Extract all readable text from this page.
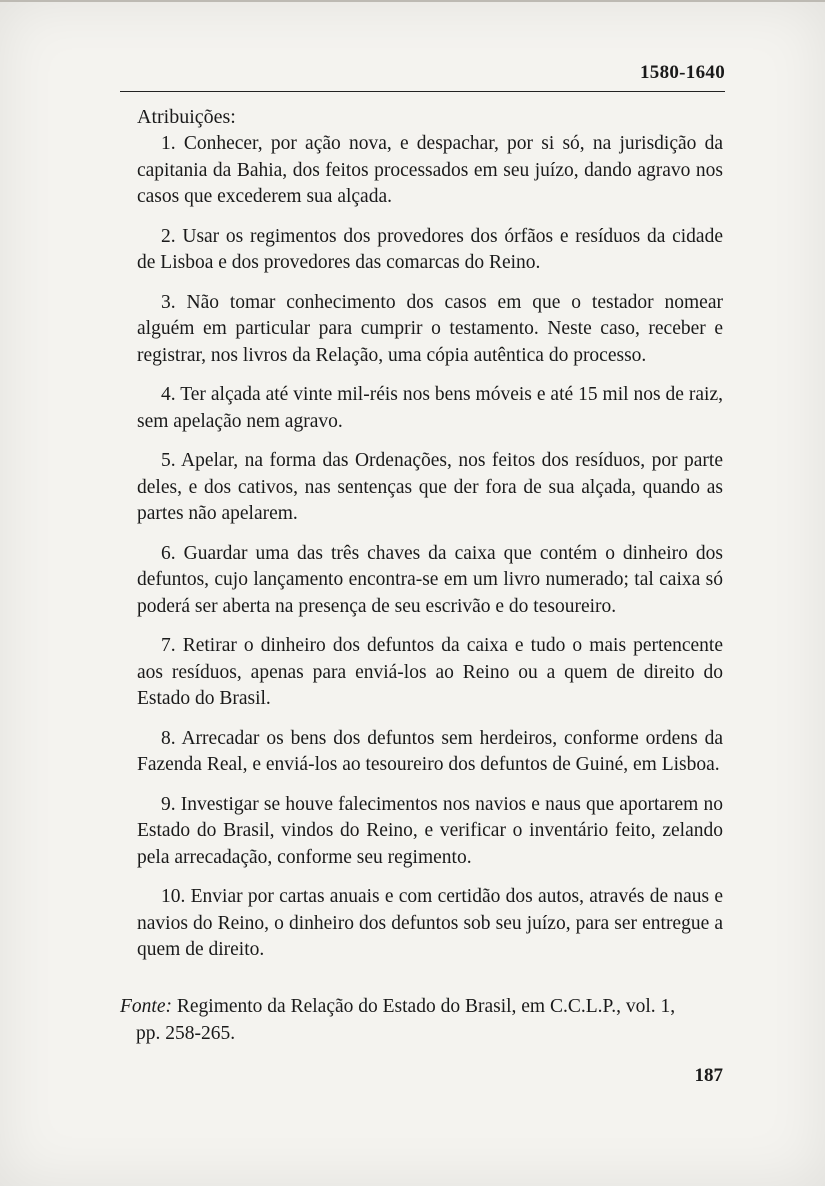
1580-1640
Atribuições:
1. Conhecer, por ação nova, e despachar, por si só, na jurisdição da capitania da Bahia, dos feitos processados em seu juízo, dando agravo nos casos que excederem sua alçada.
2. Usar os regimentos dos provedores dos órfãos e resíduos da cidade de Lisboa e dos provedores das comarcas do Reino.
3. Não tomar conhecimento dos casos em que o testador nomear alguém em particular para cumprir o testamento. Neste caso, receber e registrar, nos livros da Relação, uma cópia autêntica do processo.
4. Ter alçada até vinte mil-réis nos bens móveis e até 15 mil nos de raiz, sem apelação nem agravo.
5. Apelar, na forma das Ordenações, nos feitos dos resíduos, por parte deles, e dos cativos, nas sentenças que der fora de sua alçada, quando as partes não apelarem.
6. Guardar uma das três chaves da caixa que contém o dinheiro dos defuntos, cujo lançamento encontra-se em um livro numerado; tal caixa só poderá ser aberta na presença de seu escrivão e do tesoureiro.
7. Retirar o dinheiro dos defuntos da caixa e tudo o mais pertencente aos resíduos, apenas para enviá-los ao Reino ou a quem de direito do Estado do Brasil.
8. Arrecadar os bens dos defuntos sem herdeiros, conforme ordens da Fazenda Real, e enviá-los ao tesoureiro dos defuntos de Guiné, em Lisboa.
9. Investigar se houve falecimentos nos navios e naus que aportarem no Estado do Brasil, vindos do Reino, e verificar o inventário feito, zelando pela arrecadação, conforme seu regimento.
10. Enviar por cartas anuais e com certidão dos autos, através de naus e navios do Reino, o dinheiro dos defuntos sob seu juízo, para ser entregue a quem de direito.
Fonte: Regimento da Relação do Estado do Brasil, em C.C.L.P., vol. 1,
pp. 258-265.
187
